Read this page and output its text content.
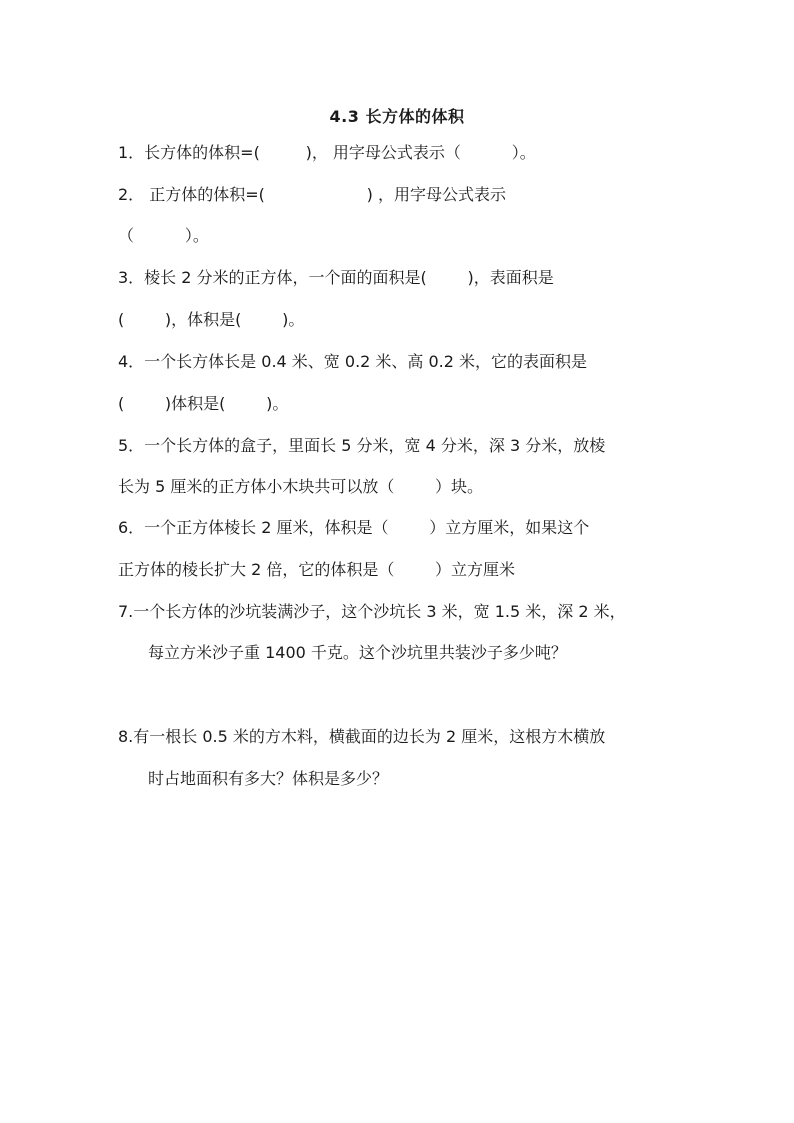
4.3 长方体的体积
1．长方体的体积=(         )， 用字母公式表示（          ）。
2． 正方体的体积=(                    ) ，用字母公式表示
（          ）。
3．棱长 2 分米的正方体，一个面的面积是(        )，表面积是
(        )，体积是(        )。
4．一个长方体长是 0.4 米、宽 0.2 米、高 0.2 米，它的表面积是
(        )体积是(        )。
5．一个长方体的盒子，里面长 5 分米，宽 4 分米，深 3 分米，放棱
长为 5 厘米的正方体小木块共可以放（        ）块。
6．一个正方体棱长 2 厘米，体积是（        ）立方厘米，如果这个
正方体的棱长扩大 2 倍，它的体积是（        ）立方厘米
7.一个长方体的沙坑装满沙子，这个沙坑长 3 米，宽 1.5 米，深 2 米，
每立方米沙子重 1400 千克。这个沙坑里共装沙子多少吨？
8.有一根长 0.5 米的方木料，横截面的边长为 2 厘米，这根方木横放
时占地面积有多大？体积是多少？
